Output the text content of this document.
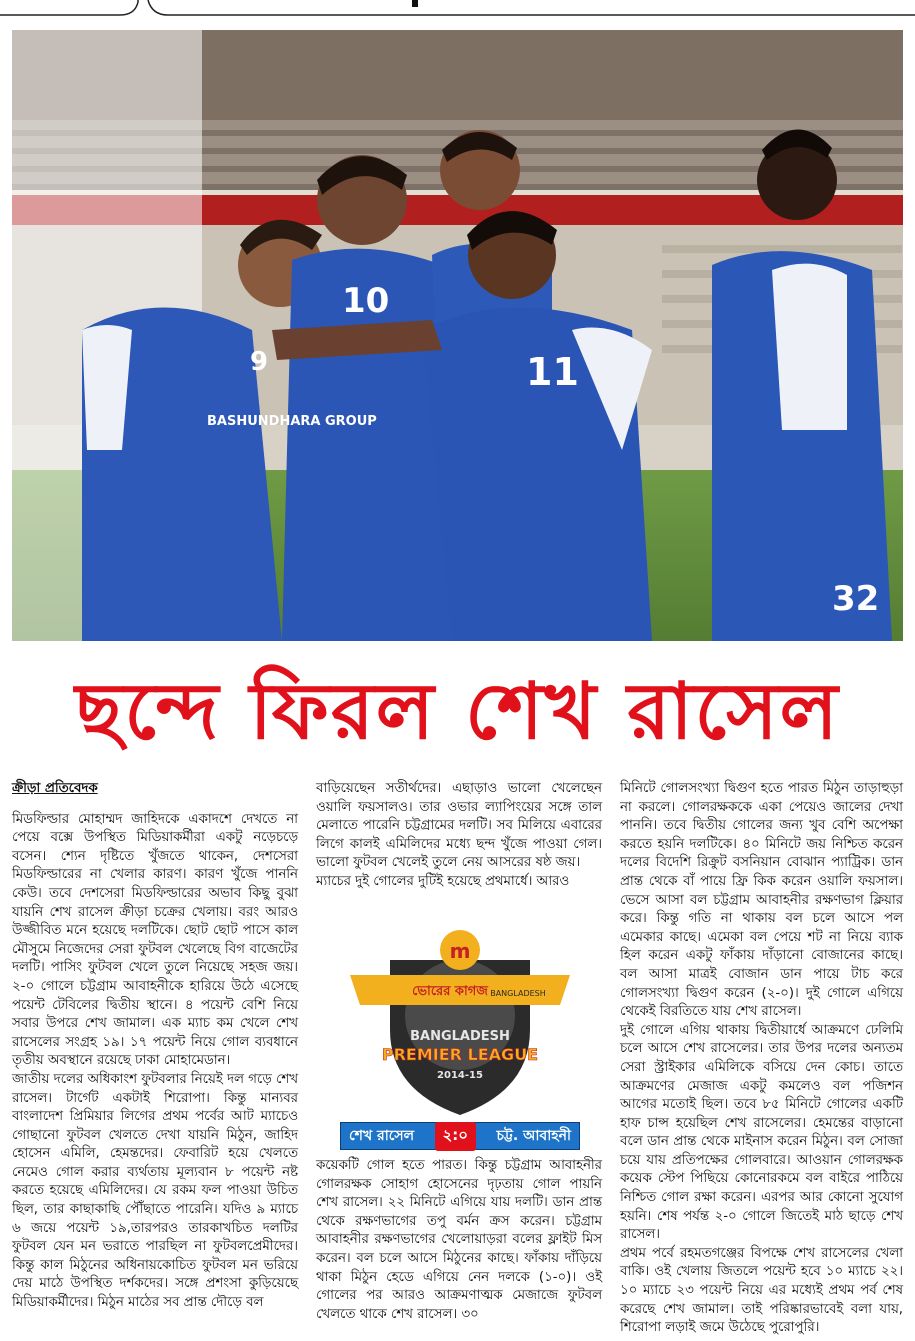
9
10
11
32
BASHUNDHARA GROUP
ছন্দে ফিরল শেখ রাসেল

ক্রীড়া প্রতিবেদক

মিডফিল্ডার মোহাম্মদ জাহিদকে একাদশে দেখতে না পেয়ে বক্সে উপস্থিত মিডিয়াকর্মীরা একটু নড়েচড়ে বসেন। শ্যেন দৃষ্টিতে খুঁজতে থাকেন, দেশসেরা মিডফিল্ডারের না খেলার কারণ। কারণ খুঁজে পাননি কেউ। তবে দেশসেরা মিডফিল্ডারের অভাব কিছু বুঝা যায়নি শেখ রাসেল ক্রীড়া চক্রের খেলায়। বরং আরও উজ্জীবিত মনে হয়েছে দলটিকে। ছোট ছোট পাসে কাল মৌসুমে নিজেদের সেরা ফুটবল খেলেছে বিগ বাজেটের দলটি। পাসিং ফুটবল খেলে তুলে নিয়েছে সহজ জয়। ২-০ গোলে চট্টগ্রাম আবাহনীকে হারিয়ে উঠে এসেছে পয়েন্ট টেবিলের দ্বিতীয় স্থানে। ৪ পয়েন্ট বেশি নিয়ে সবার উপরে শেখ জামাল। এক ম্যাচ কম খেলে শেখ রাসেলের সংগ্রহ ১৯। ১৭ পয়েন্ট নিয়ে গোল ব্যবধানে তৃতীয় অবস্থানে রয়েছে ঢাকা মোহামেডান।

জাতীয় দলের অধিকাংশ ফুটবলার নিয়েই দল গড়ে শেখ রাসেল। টার্গেট একটাই শিরোপা। কিন্তু মান্যবর বাংলাদেশ প্রিমিয়ার লিগের প্রথম পর্বের আট ম্যাচেও গোছানো ফুটবল খেলতে দেখা যায়নি মিঠুন, জাহিদ হোসেন এমিলি, হেমন্তদের। ফেবারিট হয়ে খেলতে নেমেও গোল করার ব্যর্থতায় মূল্যবান ৮ পয়েন্ট নষ্ট করতে হয়েছে এমিলিদের। যে রকম ফল পাওয়া উচিত ছিল, তার কাছাকাছি পৌঁছাতে পারেনি। যদিও ৯ ম্যাচে ৬ জয়ে পয়েন্ট ১৯,তারপরও তারকাখচিত দলটির ফুটবল যেন মন ভরাতে পারছিল না ফুটবলপ্রেমীদের। কিন্তু কাল মিঠুনের অধিনায়কোচিত ফুটবল মন ভরিয়ে দেয় মাঠে উপস্থিত দর্শকদের। সঙ্গে প্রশংসা কুড়িয়েছে মিডিয়াকর্মীদের। মিঠুন মাঠের সব প্রান্ত দৌড়ে বল

বাড়িয়েছেন সতীর্থদের। এছাড়াও ভালো খেলেছেন ওয়ালি ফয়সালও। তার ওভার ল্যাপিংয়ের সঙ্গে তাল মেলাতে পারেনি চট্টগ্রামের দলটি। সব মিলিয়ে এবারের লিগে কালই এমিলিদের মধ্যে ছন্দ খুঁজে পাওয়া গেল। ভালো ফুটবল খেলেই তুলে নেয় আসরের ষষ্ঠ জয়।

ম্যাচের দুই গোলের দুটিই হয়েছে প্রথমার্ধে। আরও

m
ভোরের কাগজ BANGLADESH
BANGLADESH
PREMIER LEAGUE
2014-15
শেখ রাসেল	২:০	চট্ট. আবাহনী

কয়েকটি গোল হতে পারত। কিন্তু চট্টগ্রাম আবাহনীর গোলরক্ষক সোহাগ হোসেনের দৃঢ়তায় গোল পায়নি শেখ রাসেল। ২২ মিনিটে এগিয়ে যায় দলটি। ডান প্রান্ত থেকে রক্ষণভাগের তপু বর্মন ক্রস করেন। চট্টগ্রাম আবাহনীর রক্ষণভাগের খেলোয়াড়রা বলের ফ্লাইট মিস করেন। বল চলে আসে মিঠুনের কাছে। ফাঁকায় দাঁড়িয়ে থাকা মিঠুন হেডে এগিয়ে নেন দলকে (১-০)। ওই গোলের পর আরও আক্রমণাত্মক মেজাজে ফুটবল খেলতে থাকে শেখ রাসেল। ৩০

মিনিটে গোলসংখ্যা দ্বিগুণ হতে পারত মিঠুন তাড়াহুড়া না করলে। গোলরক্ষককে একা পেয়েও জালের দেখা পাননি। তবে দ্বিতীয় গোলের জন্য খুব বেশি অপেক্ষা করতে হয়নি দলটিকে। ৪০ মিনিটে জয় নিশ্চিত করেন দলের বিদেশি রিক্রুট বসনিয়ান বোঝান প্যাট্রিক। ডান প্রান্ত থেকে বাঁ পায়ে ফ্রি কিক করেন ওয়ালি ফয়সাল। ভেসে আসা বল চট্টগ্রাম আবাহনীর রক্ষণভাগ ক্লিয়ার করে। কিন্তু গতি না থাকায় বল চলে আসে পল এমেকার কাছে। এমেকা বল পেয়ে শট না নিয়ে ব্যাক হিল করেন একটু ফাঁকায় দাঁড়ানো বোজানের কাছে। বল আসা মাত্রই বোজান ডান পায়ে টাচ করে গোলসংখ্যা দ্বিগুণ করেন (২-০)। দুই গোলে এগিয়ে থেকেই বিরতিতে যায় শেখ রাসেল।

দুই গোলে এগিয় থাকায় দ্বিতীয়ার্ধে আক্রমণে ঢেলিমি চলে আসে শেখ রাসেলের। তার উপর দলের অন্যতম সেরা স্ট্রাইকার এমিলিকে বসিয়ে দেন কোচ। তাতে আক্রমণের মেজাজ একটু কমলেও বল পজিশন আগের মতোই ছিল। তবে ৮৫ মিনিটে গোলের একটি হাফ চান্স হয়েছিল শেখ রাসেলের। হেমন্তের বাড়ানো বলে ডান প্রান্ত থেকে মাইনাস করেন মিঠুন। বল সোজা চয়ে যায় প্রতিপক্ষের গোলবারে। আওয়ান গোলরক্ষক কয়েক স্টেপ পিছিয়ে কোনোরকমে বল বাইরে পাঠিয়ে নিশ্চিত গোল রক্ষা করেন। এরপর আর কোনো সুযোগ হয়নি। শেষ পর্যন্ত ২-০ গোলে জিতেই মাঠ ছাড়ে শেখ রাসেল।

প্রথম পর্বে রহমতগঞ্জের বিপক্ষে শেখ রাসেলের খেলা বাকি। ওই খেলায় জিতলে পয়েন্ট হবে ১০ ম্যাচে ২২। ১০ ম্যাচে ২৩ পয়েন্ট নিয়ে এর মধ্যেই প্রথম পর্ব শেষ করেছে শেখ জামাল। তাই পরিষ্কারভাবেই বলা যায়, শিরোপা লড়াই জমে উঠেছে পুরোপুরি।
